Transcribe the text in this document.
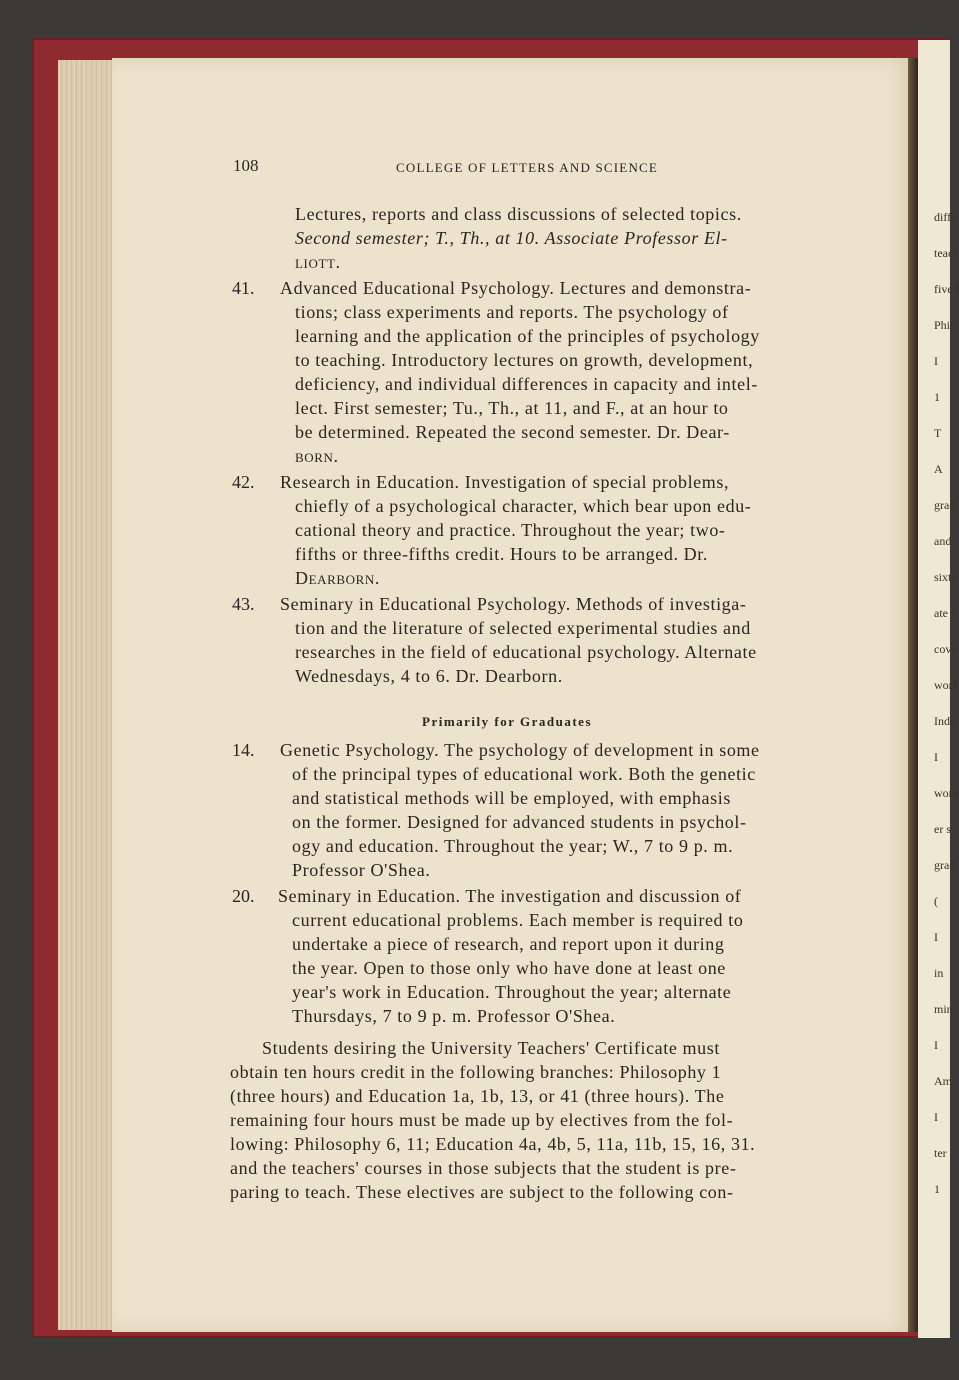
diffe
teacl
five l
Phil
I
1
T
A
grad
and
sixte
ate s
cove
work
Inde
I
work
er s
grad
(
I
in
min
I
Am
I
ter
1
108	COLLEGE OF LETTERS AND SCIENCE
Lectures, reports and class discussions of selected topics.
Second semester; T., Th., at 10. Associate Professor El-
liott.
41. Advanced Educational Psychology. Lectures and demonstra-
tions; class experiments and reports. The psychology of
learning and the application of the principles of psychology
to teaching. Introductory lectures on growth, development,
deficiency, and individual differences in capacity and intel-
lect. First semester; Tu., Th., at 11, and F., at an hour to
be determined. Repeated the second semester. Dr. Dear-
born.
42. Research in Education. Investigation of special problems,
chiefly of a psychological character, which bear upon edu-
cational theory and practice. Throughout the year; two-
fifths or three-fifths credit. Hours to be arranged. Dr.
Dearborn.
43. Seminary in Educational Psychology. Methods of investiga-
tion and the literature of selected experimental studies and
researches in the field of educational psychology. Alternate
Wednesdays, 4 to 6. Dr. Dearborn.
Primarily for Graduates
14. Genetic Psychology. The psychology of development in some
of the principal types of educational work. Both the genetic
and statistical methods will be employed, with emphasis
on the former. Designed for advanced students in psychol-
ogy and education. Throughout the year; W., 7 to 9 p. m.
Professor O'Shea.
20. Seminary in Education. The investigation and discussion of
current educational problems. Each member is required to
undertake a piece of research, and report upon it during
the year. Open to those only who have done at least one
year's work in Education. Throughout the year; alternate
Thursdays, 7 to 9 p. m. Professor O'Shea.
Students desiring the University Teachers' Certificate must
obtain ten hours credit in the following branches: Philosophy 1
(three hours) and Education 1a, 1b, 13, or 41 (three hours). The
remaining four hours must be made up by electives from the fol-
lowing: Philosophy 6, 11; Education 4a, 4b, 5, 11a, 11b, 15, 16, 31.
and the teachers' courses in those subjects that the student is pre-
paring to teach. These electives are subject to the following con-
